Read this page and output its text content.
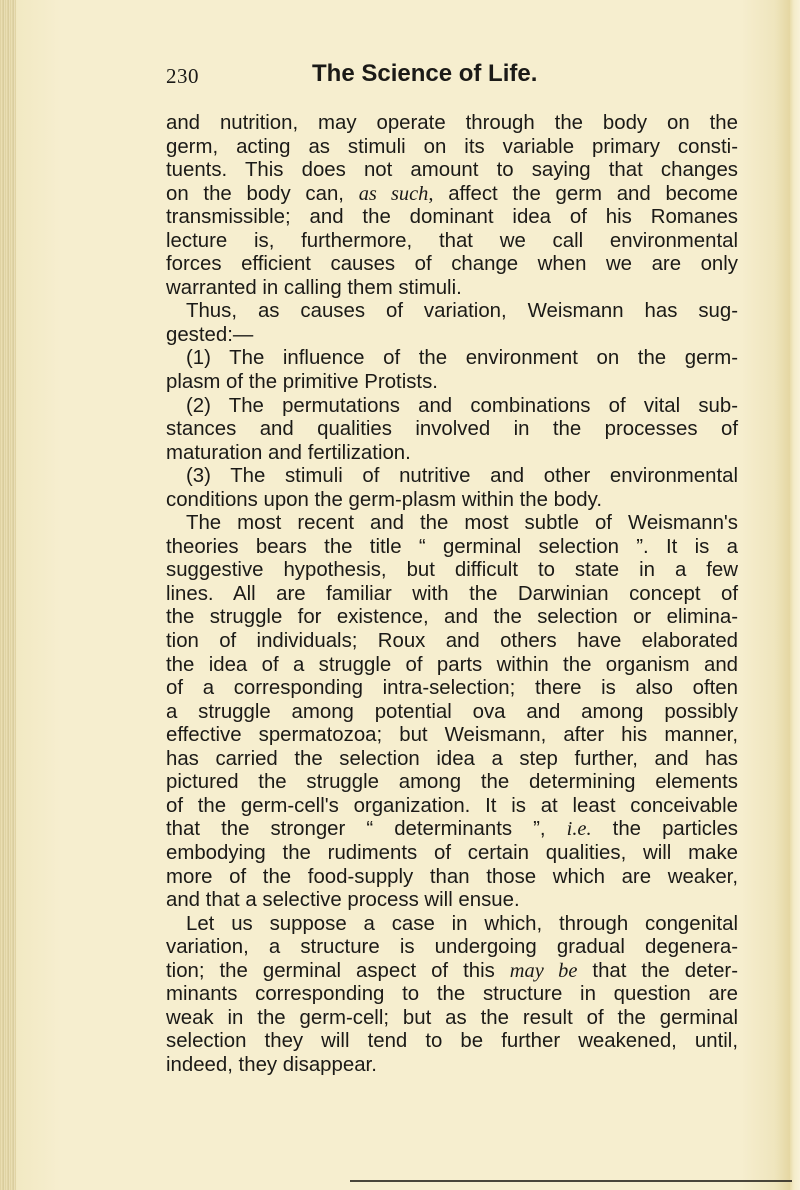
230	The Science of Life.
and nutrition, may operate through the body on the
germ, acting as stimuli on its variable primary consti-
tuents. This does not amount to saying that changes
on the body can, as such, affect the germ and become
transmissible; and the dominant idea of his Romanes
lecture is, furthermore, that we call environmental
forces efficient causes of change when we are only
warranted in calling them stimuli.
Thus, as causes of variation, Weismann has sug-
gested:—
(1) The influence of the environment on the germ-
plasm of the primitive Protists.
(2) The permutations and combinations of vital sub-
stances and qualities involved in the processes of
maturation and fertilization.
(3) The stimuli of nutritive and other environmental
conditions upon the germ-plasm within the body.
The most recent and the most subtle of Weismann's
theories bears the title “ germinal selection ”. It is a
suggestive hypothesis, but difficult to state in a few
lines. All are familiar with the Darwinian concept of
the struggle for existence, and the selection or elimina-
tion of individuals; Roux and others have elaborated
the idea of a struggle of parts within the organism and
of a corresponding intra-selection; there is also often
a struggle among potential ova and among possibly
effective spermatozoa; but Weismann, after his manner,
has carried the selection idea a step further, and has
pictured the struggle among the determining elements
of the germ-cell's organization. It is at least conceivable
that the stronger “ determinants ”, i.e. the particles
embodying the rudiments of certain qualities, will make
more of the food-supply than those which are weaker,
and that a selective process will ensue.
Let us suppose a case in which, through congenital
variation, a structure is undergoing gradual degenera-
tion; the germinal aspect of this may be that the deter-
minants corresponding to the structure in question are
weak in the germ-cell; but as the result of the germinal
selection they will tend to be further weakened, until,
indeed, they disappear.
